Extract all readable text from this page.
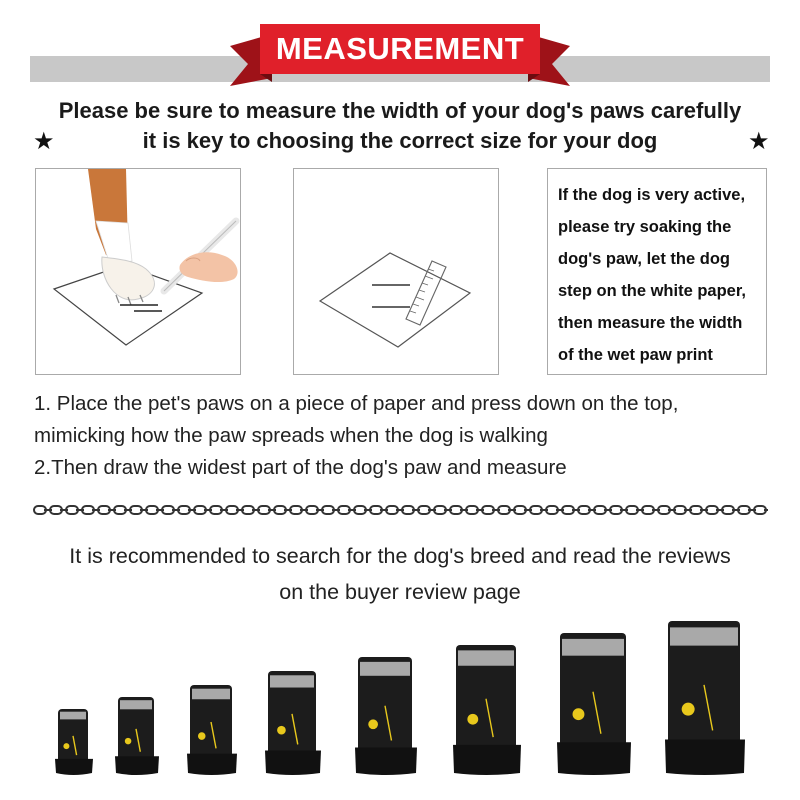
MEASUREMENT
Please be sure to measure the width of your dog's paws carefully
it is key to choosing the correct size for your dog
★	★
If the dog is very active,
please try soaking the
dog's paw, let the dog
step on the white paper,
then measure the width
of the wet paw print
1. Place the pet's paws on a piece of paper and press down on the top,
mimicking how the paw spreads when the dog is walking
2.Then draw the widest part of the dog's paw and measure
It is recommended to search for the dog's breed and read the reviews
on the buyer review page
